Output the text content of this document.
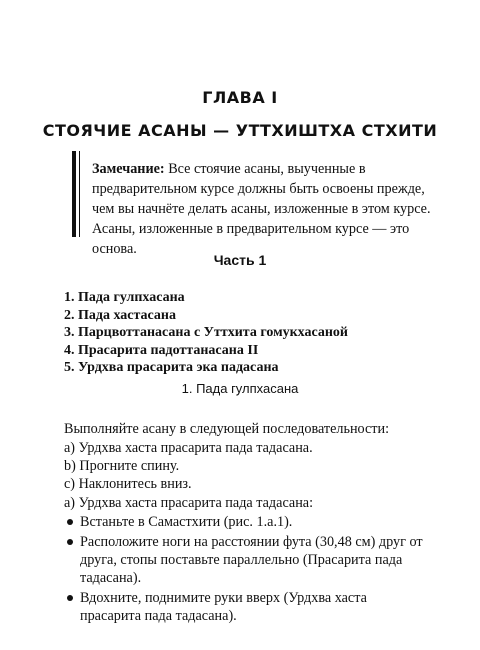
ГЛАВА I
СТОЯЧИЕ АСАНЫ — УТТХИШТХА СТХИТИ
Замечание: Все стоячие асаны, выученные в предварительном курсе должны быть освоены прежде, чем вы начнёте делать асаны, изложенные в этом курсе. Асаны, изложенные в предварительном курсе — это основа.
Часть 1
1. Пада гулпхасана
2. Пада хастасана
3. Парцвоттанасана с Уттхита гомукхасаной
4. Прасарита падоттанасана II
5. Урдхва прасарита эка падасана
1. Пада гулпхасана
Выполняйте асану в следующей последовательности:
a) Урдхва хаста прасарита пада тадасана.
b) Прогните спину.
c) Наклонитесь вниз.
a) Урдхва хаста прасарита пада тадасана:
Встаньте в Самастхити (рис. 1.a.1).
Расположите ноги на расстоянии фута (30,48 см) друг от друга, стопы поставьте параллельно (Прасарита пада тадасана).
Вдохните, поднимите руки вверх (Урдхва хаста прасарита пада тадасана).
